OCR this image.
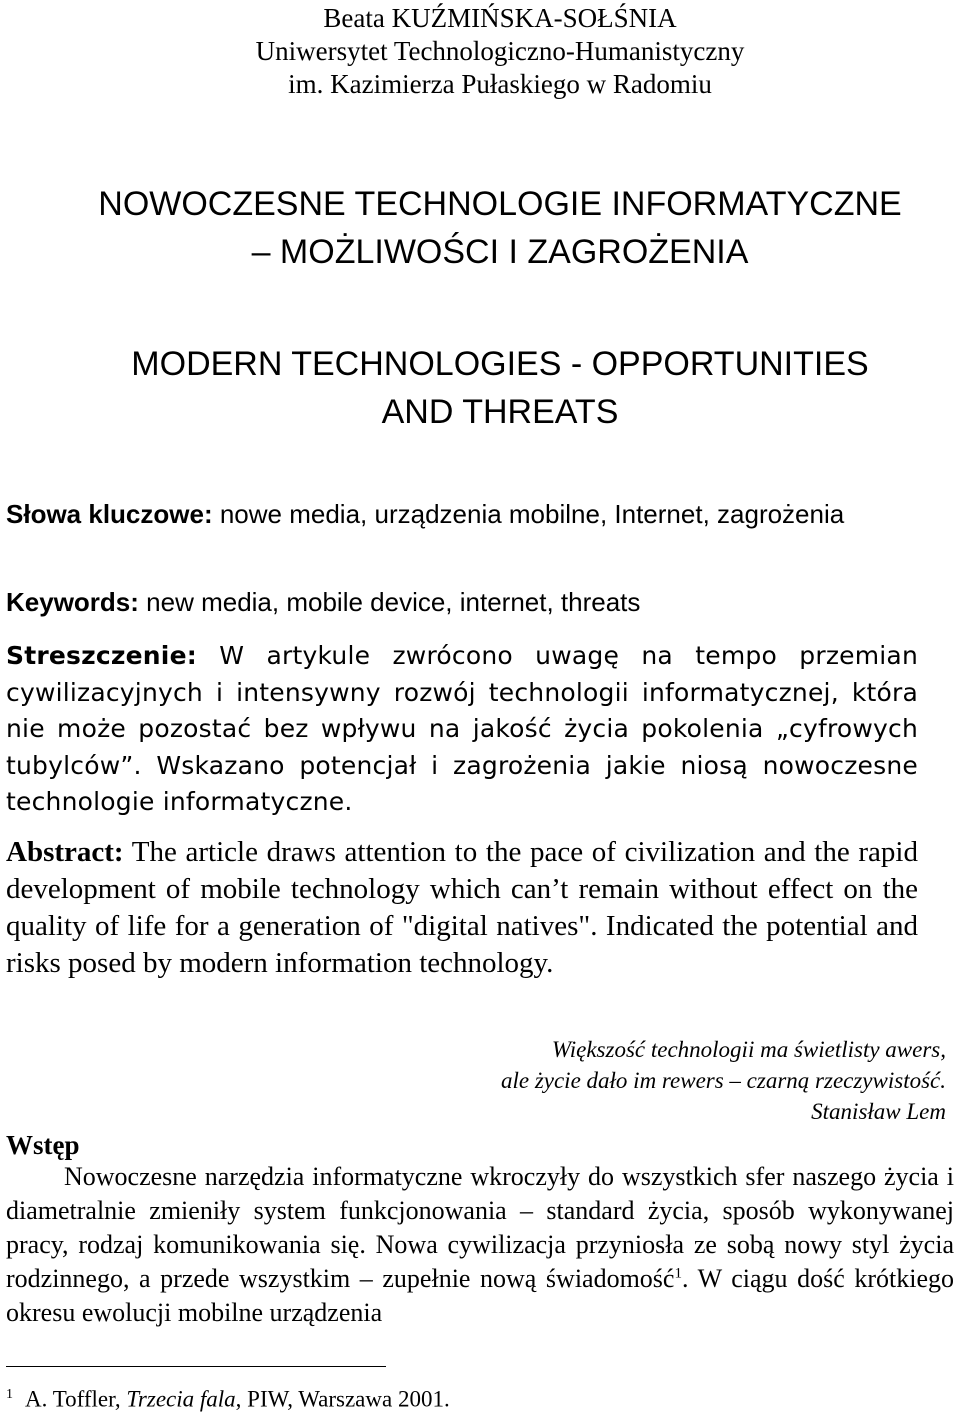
Beata KUŹMIŃSKA-SOŁŚNIA
Uniwersytet Technologiczno-Humanistyczny
im. Kazimierza Pułaskiego w Radomiu
NOWOCZESNE TECHNOLOGIE INFORMATYCZNE
– MOŻLIWOŚCI I ZAGROŻENIA
MODERN TECHNOLOGIES - OPPORTUNITIES
AND THREATS
Słowa kluczowe: nowe media, urządzenia mobilne, Internet, zagrożenia
Keywords: new media, mobile device, internet, threats
Streszczenie: W artykule zwrócono uwagę na tempo przemian cywilizacyjnych i intensywny rozwój technologii informatycznej, która nie może pozostać bez wpływu na jakość życia pokolenia „cyfrowych tubylców”. Wskazano potencjał i zagrożenia jakie niosą nowoczesne technologie informatyczne.
Abstract: The article draws attention to the pace of civilization and the rapid development of mobile technology which can’t remain without effect on the quality of life for a generation of "digital natives". Indicated the potential and risks posed by modern information technology.
Większość technologii ma świetlisty awers,
ale życie dało im rewers – czarną rzeczywistość.
Stanisław Lem
Wstęp
Nowoczesne narzędzia informatyczne wkroczyły do wszystkich sfer naszego życia i diametralnie zmieniły system funkcjonowania – standard życia, sposób wykonywanej pracy, rodzaj komunikowania się. Nowa cywilizacja przyniosła ze sobą nowy styl życia rodzinnego, a przede wszystkim – zupełnie nową świadomość$^1$. W ciągu dość krótkiego okresu ewolucji mobilne urządzenia
$^1$ A. Toffler, Trzecia fala, PIW, Warszawa 2001.
